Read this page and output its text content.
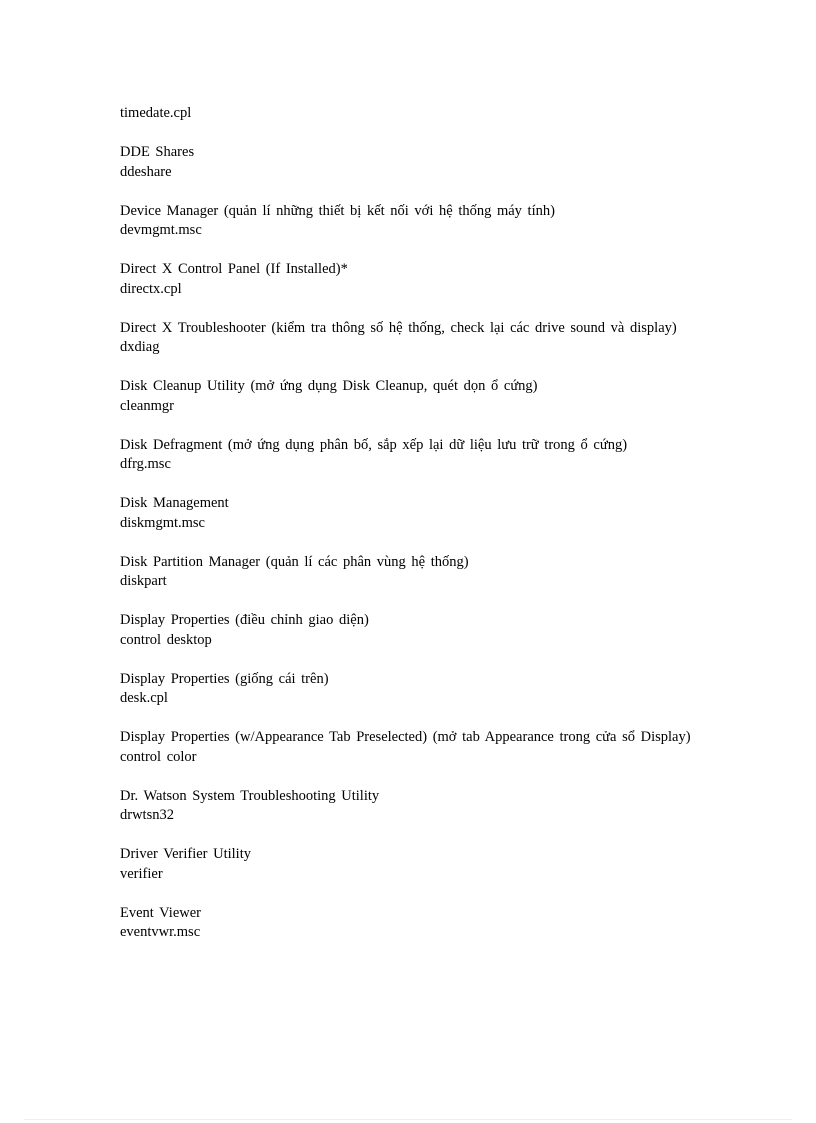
timedate.cpl
DDE Shares
ddeshare
Device Manager (quản lí những thiết bị kết nối với hệ thống máy tính)
devmgmt.msc
Direct X Control Panel (If Installed)*
directx.cpl
Direct X Troubleshooter (kiểm tra thông số hệ thống, check lại các drive sound và display)
dxdiag
Disk Cleanup Utility (mở ứng dụng Disk Cleanup, quét dọn ổ cứng)
cleanmgr
Disk Defragment (mở ứng dụng phân bố, sắp xếp lại dữ liệu lưu trữ trong ổ cứng)
dfrg.msc
Disk Management
diskmgmt.msc
Disk Partition Manager (quản lí các phân vùng hệ thống)
diskpart
Display Properties (điều chỉnh giao diện)
control desktop
Display Properties (giống cái trên)
desk.cpl
Display Properties (w/Appearance Tab Preselected) (mở tab Appearance trong cửa sổ Display)
control color
Dr. Watson System Troubleshooting Utility
drwtsn32
Driver Verifier Utility
verifier
Event Viewer
eventvwr.msc
